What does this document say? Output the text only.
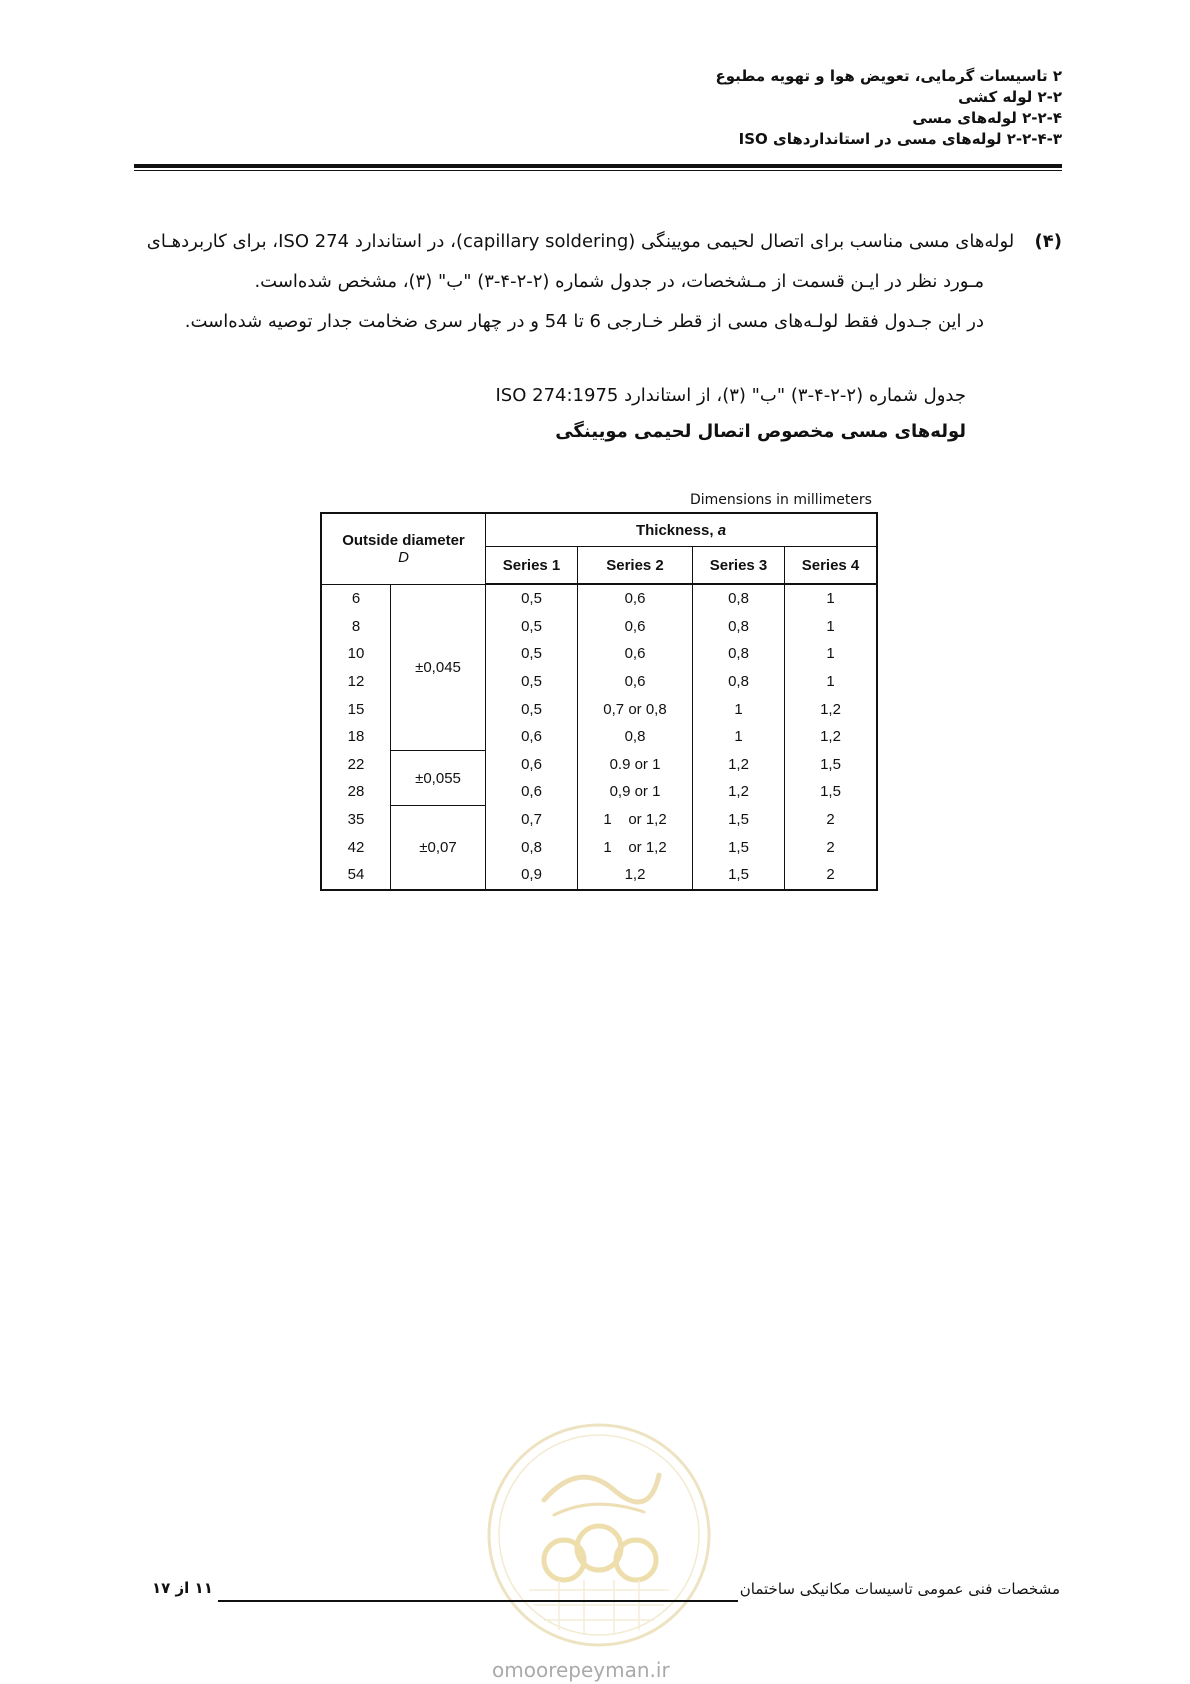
۲ تاسیسات گرمایی، تعویض هوا و تهویه مطبوع
۲-۲ لوله کشی
۲-۲-۴ لوله‌های مسی
۲-۲-۴-۳ لوله‌های مسی در استانداردهای ISO
(۴) لوله‌های مسی مناسب برای اتصال لحیمی مویینگی (capillary soldering)، در استاندارد ISO 274، برای کاربردهـای
مـورد نظر در ایـن قسمت از مـشخصات، در جدول شماره (۲-۲-۴-۳) "ب" (۳)، مشخص شده‌است.
در این جـدول فقط لولـه‌های مسی از قطر خـارجی 6 تا 54 و در چهار سری ضخامت جدار توصیه شده‌است.
جدول شماره (۲-۲-۴-۳) "ب" (۳)، از استاندارد ISO 274:1975
لوله‌های مسی مخصوص اتصال لحیمی مویینگی
Dimensions in millimeters
Outside diameter
D		Thickness, a			
		Series 1	Series 2	Series 3	Series 4
6	±0,045	0,5	0,6	0,8	1
8		0,5	0,6	0,8	1
10		0,5	0,6	0,8	1
12		0,5	0,6	0,8	1
15		0,5	0,7 or 0,8	1	1,2
18		0,6	0,8	1	1,2
22	±0,055	0,6	0.9 or 1	1,2	1,5
28		0,6	0,9 or 1	1,2	1,5
35	±0,07	0,7	1    or 1,2	1,5	2
42		0,8	1    or 1,2	1,5	2
54		0,9	1,2	1,5	2
omoorepeyman.ir
مشخصات فنی عمومی تاسیسات مکانیکی ساختمان
۱۱ از ۱۷
